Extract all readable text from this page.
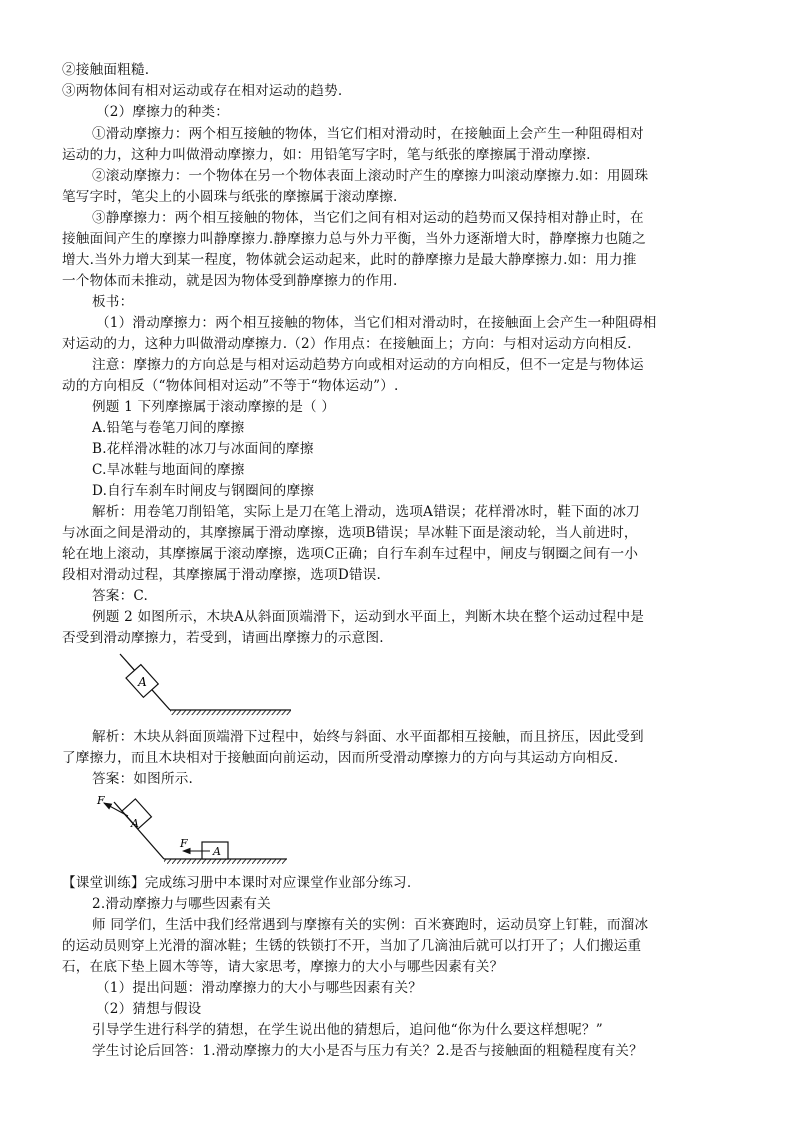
②接触面粗糙.
③两物体间有相对运动或存在相对运动的趋势.
（2）摩擦力的种类：
①滑动摩擦力：两个相互接触的物体，当它们相对滑动时，在接触面上会产生一种阻碍相对
运动的力，这种力叫做滑动摩擦力，如：用铅笔写字时，笔与纸张的摩擦属于滑动摩擦.
②滚动摩擦力：一个物体在另一个物体表面上滚动时产生的摩擦力叫滚动摩擦力.如：用圆珠
笔写字时，笔尖上的小圆珠与纸张的摩擦属于滚动摩擦.
③静摩擦力：两个相互接触的物体，当它们之间有相对运动的趋势而又保持相对静止时，在
接触面间产生的摩擦力叫静摩擦力.静摩擦力总与外力平衡，当外力逐渐增大时，静摩擦力也随之
增大.当外力增大到某一程度，物体就会运动起来，此时的静摩擦力是最大静摩擦力.如：用力推
一个物体而未推动，就是因为物体受到静摩擦力的作用.
板书：
（1）滑动摩擦力：两个相互接触的物体，当它们相对滑动时，在接触面上会产生一种阻碍相
对运动的力，这种力叫做滑动摩擦力.（2）作用点：在接触面上；方向：与相对运动方向相反.
注意：摩擦力的方向总是与相对运动趋势方向或相对运动的方向相反，但不一定是与物体运
动的方向相反（“物体间相对运动”不等于“物体运动”）.
例题 1 下列摩擦属于滚动摩擦的是（ ）
A.铅笔与卷笔刀间的摩擦
B.花样滑冰鞋的冰刀与冰面间的摩擦
C.旱冰鞋与地面间的摩擦
D.自行车刹车时闸皮与钢圈间的摩擦
解析：用卷笔刀削铅笔，实际上是刀在笔上滑动，选项A错误；花样滑冰时，鞋下面的冰刀
与冰面之间是滑动的，其摩擦属于滑动摩擦，选项B错误；旱冰鞋下面是滚动轮，当人前进时，
轮在地上滚动，其摩擦属于滚动摩擦，选项C正确；自行车刹车过程中，闸皮与钢圈之间有一小
段相对滑动过程，其摩擦属于滑动摩擦，选项D错误.
答案：C.
例题 2 如图所示，木块A从斜面顶端滑下，运动到水平面上，判断木块在整个运动过程中是
否受到滑动摩擦力，若受到，请画出摩擦力的示意图.
A
解析：木块从斜面顶端滑下过程中，始终与斜面、水平面都相互接触，而且挤压，因此受到
了摩擦力，而且木块相对于接触面向前运动，因而所受滑动摩擦力的方向与其运动方向相反.
答案：如图所示.
F
A
A
F
【课堂训练】完成练习册中本课时对应课堂作业部分练习.
2.滑动摩擦力与哪些因素有关
师 同学们，生活中我们经常遇到与摩擦有关的实例：百米赛跑时，运动员穿上钉鞋，而溜冰
的运动员则穿上光滑的溜冰鞋；生锈的铁锁打不开，当加了几滴油后就可以打开了；人们搬运重
石，在底下垫上圆木等等，请大家思考，摩擦力的大小与哪些因素有关？
（1）提出问题：滑动摩擦力的大小与哪些因素有关？
（2）猜想与假设
引导学生进行科学的猜想，在学生说出他的猜想后，追问他“你为什么要这样想呢？”
学生讨论后回答：1.滑动摩擦力的大小是否与压力有关？2.是否与接触面的粗糙程度有关？
